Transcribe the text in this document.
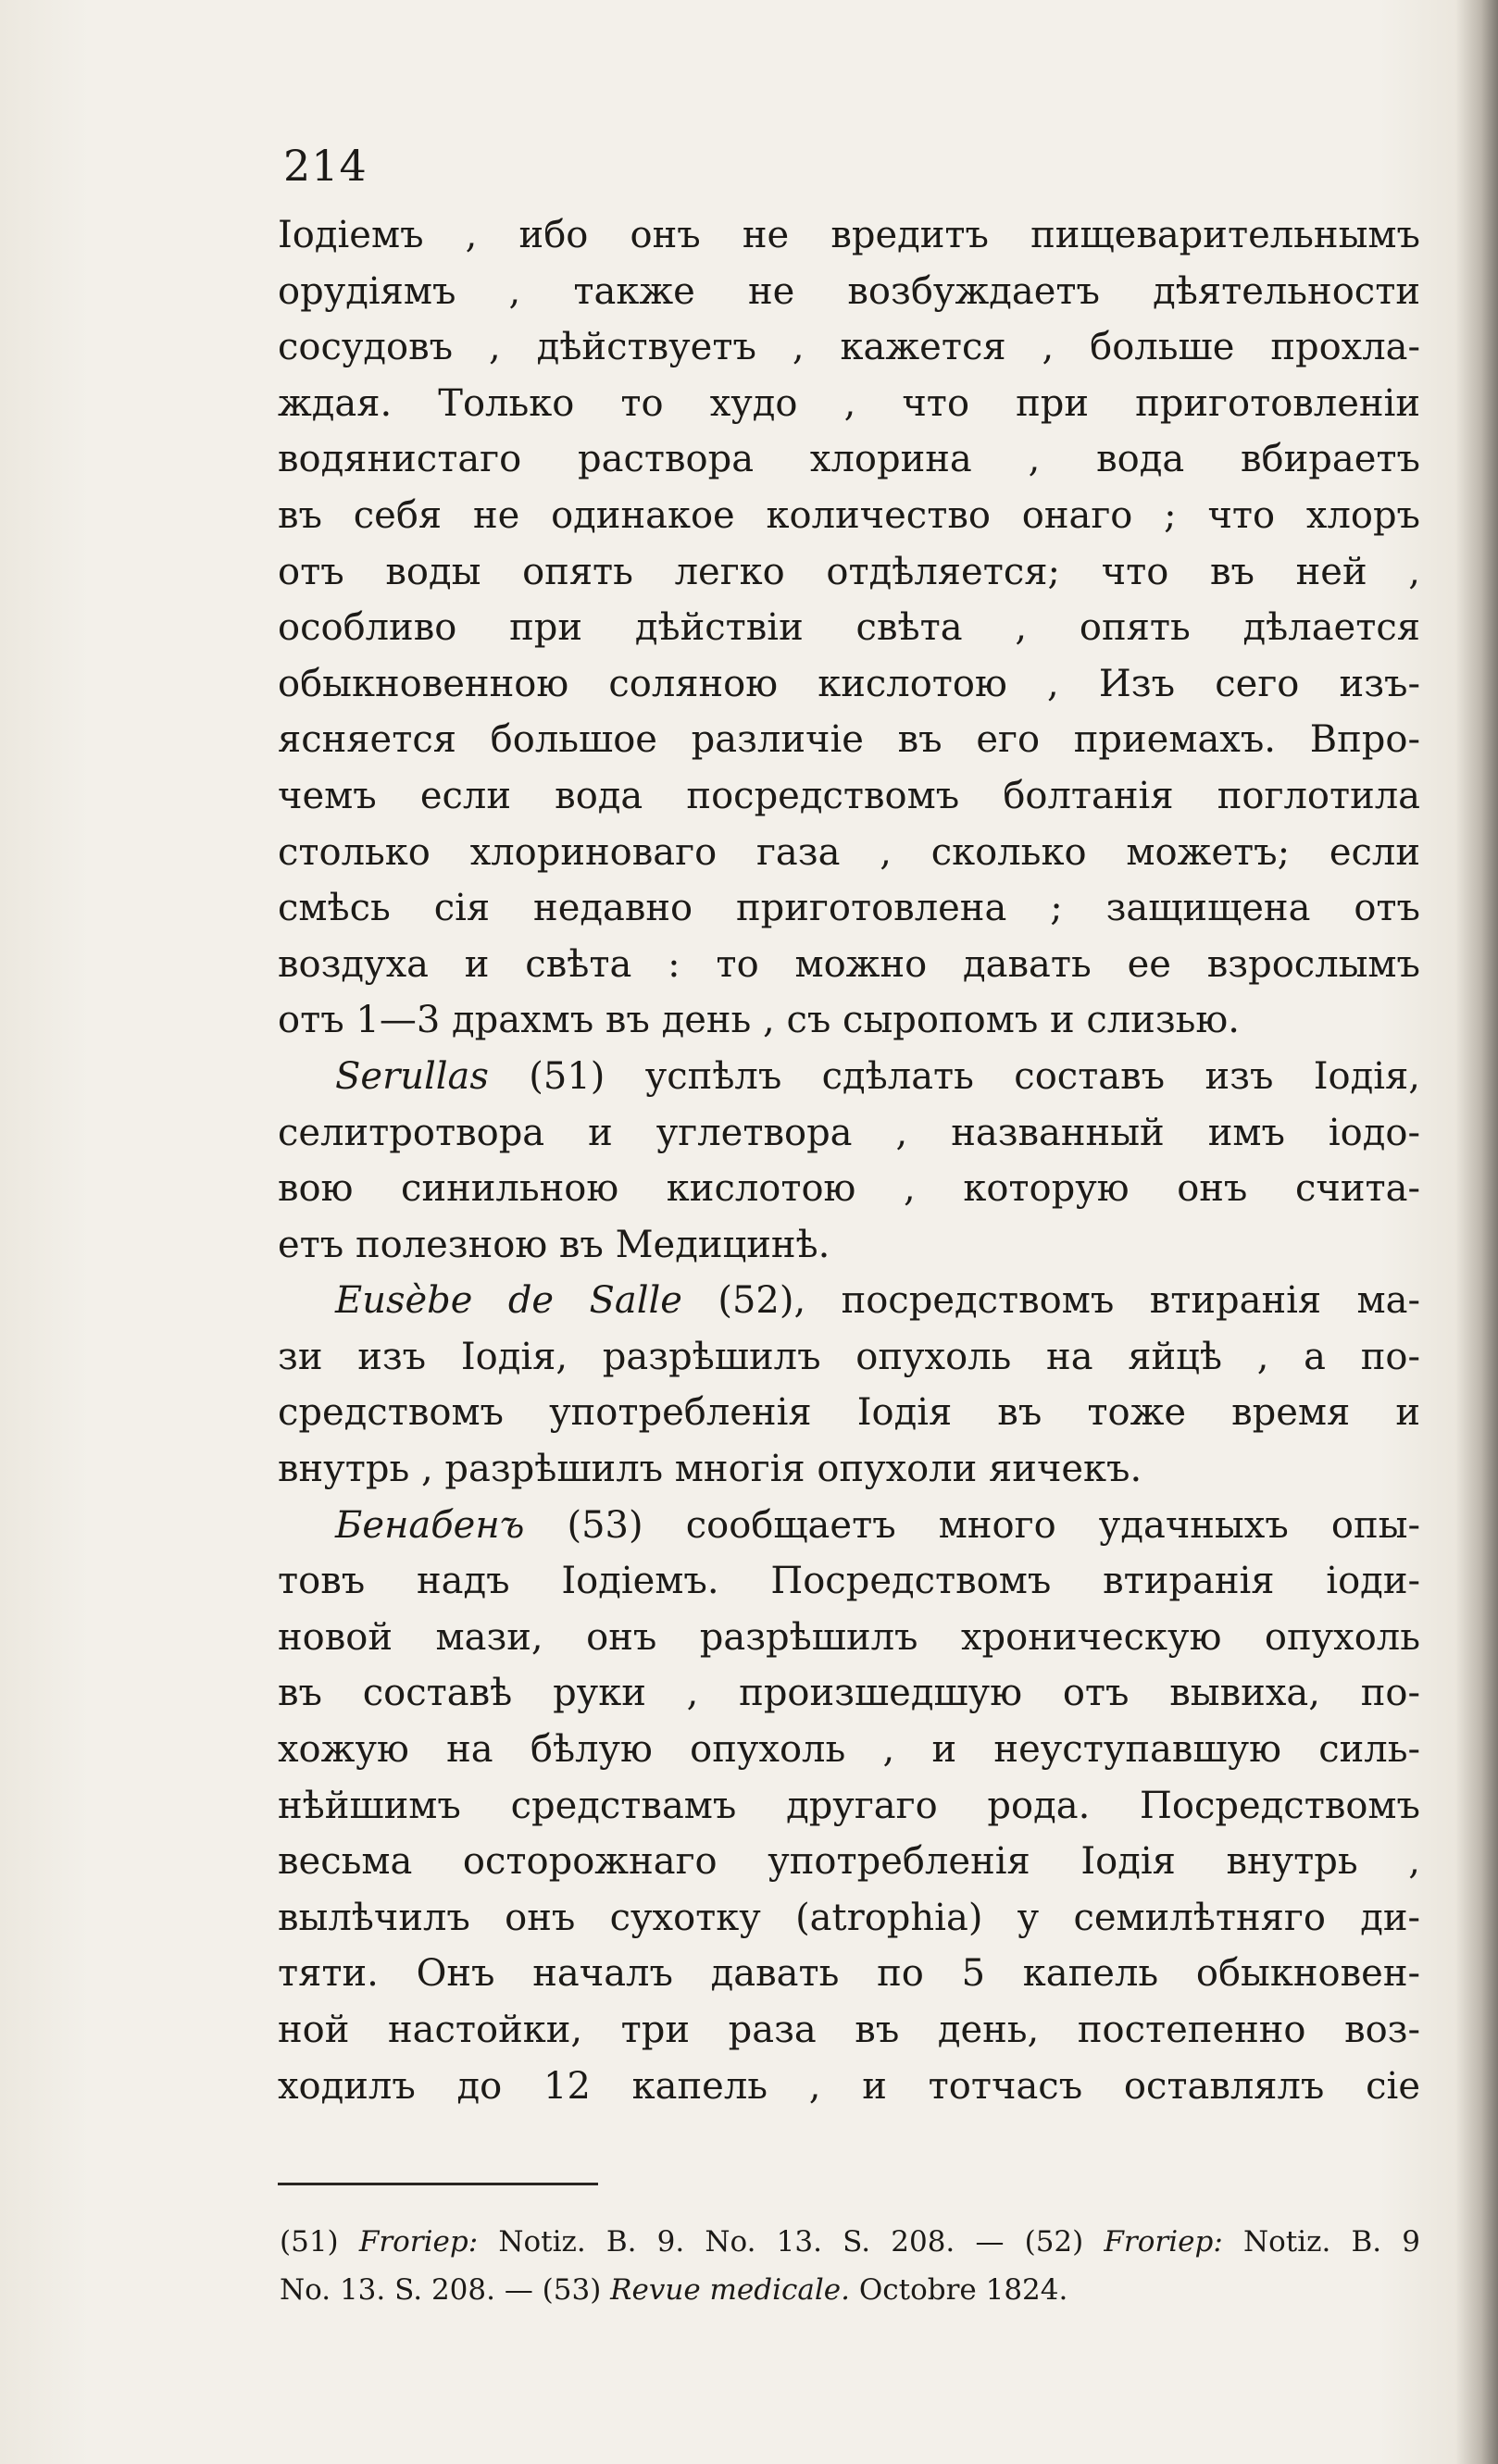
214
Іодіемъ , ибо онъ не вредитъ пищеварительнымъ
орудіямъ , также не возбуждаетъ дѣятельности
сосудовъ , дѣйствуетъ , кажется , больше прохла-
ждая. Только то худо , что при приготовленіи
водянистаго раствора хлорина , вода вбираетъ
въ себя не одинакое количество онаго ; что хлоръ
отъ воды опять легко отдѣляется; что въ ней ,
особливо при дѣйствіи свѣта , опять дѣлается
обыкновенною соляною кислотою , Изъ сего изъ-
ясняется большое различіе въ его приемахъ. Впро-
чемъ если вода посредствомъ болтанія поглотила
столько хлориноваго газа , сколько можетъ; если
смѣсь сія недавно приготовлена ; защищена отъ
воздуха и свѣта : то можно давать ее взрослымъ
отъ 1—3 драхмъ въ день , съ сыропомъ и слизью.
Serullas (51) успѣлъ сдѣлать составъ изъ Іодія,
селитротвора и углетвора , названный имъ іодо-
вою синильною кислотою , которую онъ счита-
етъ полезною въ Медицинѣ.
Eusèbe de Salle (52), посредствомъ втиранія ма-
зи изъ Іодія, разрѣшилъ опухоль на яйцѣ , а по-
средствомъ употребленія Іодія въ тоже время и
внутрь , разрѣшилъ многія опухоли яичекъ.
Бенабенъ (53) сообщаетъ много удачныхъ опы-
товъ надъ Іодіемъ. Посредствомъ втиранія іоди-
новой мази, онъ разрѣшилъ хроническую опухоль
въ составѣ руки , произшедшую отъ вывиха, по-
хожую на бѣлую опухоль , и неуступавшую силь-
нѣйшимъ средствамъ другаго рода. Посредствомъ
весьма осторожнаго употребленія Іодія внутрь ,
вылѣчилъ онъ сухотку (atrophia) у семилѣтняго ди-
тяти. Онъ началъ давать по 5 капель обыкновен-
ной настойки, три раза въ день, постепенно воз-
ходилъ до 12 капель , и тотчасъ оставлялъ сіе
(51) Froriep: Notiz. B. 9. No. 13. S. 208. — (52) Froriep: Notiz. B. 9
No. 13. S. 208. — (53) Revue medicale. Octobre 1824.
